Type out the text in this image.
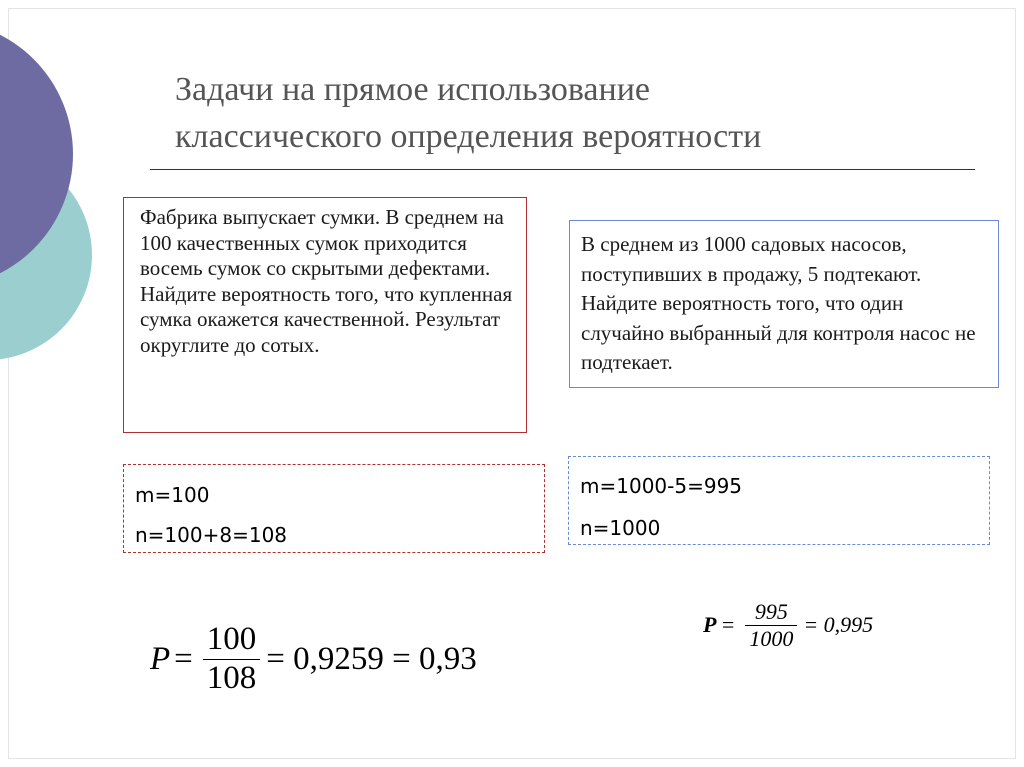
Задачи на прямое использование
классического определения вероятности
Фабрика выпускает сумки. В среднем на 100 качественных сумок приходится восемь сумок со скрытыми дефектами. Найдите вероятность того, что купленная сумка окажется качественной. Результат округлите до сотых.
В среднем из 1000 садовых насосов, поступивших в продажу, 5 подтекают. Найдите вероятность того, что один случайно выбранный для контроля насос не подтекает.
m=100
n=100+8=108
m=1000-5=995
n=1000
$P = \frac{100}{108} = 0,9259 = 0,93$
$P = \frac{995}{1000} = 0,995$
